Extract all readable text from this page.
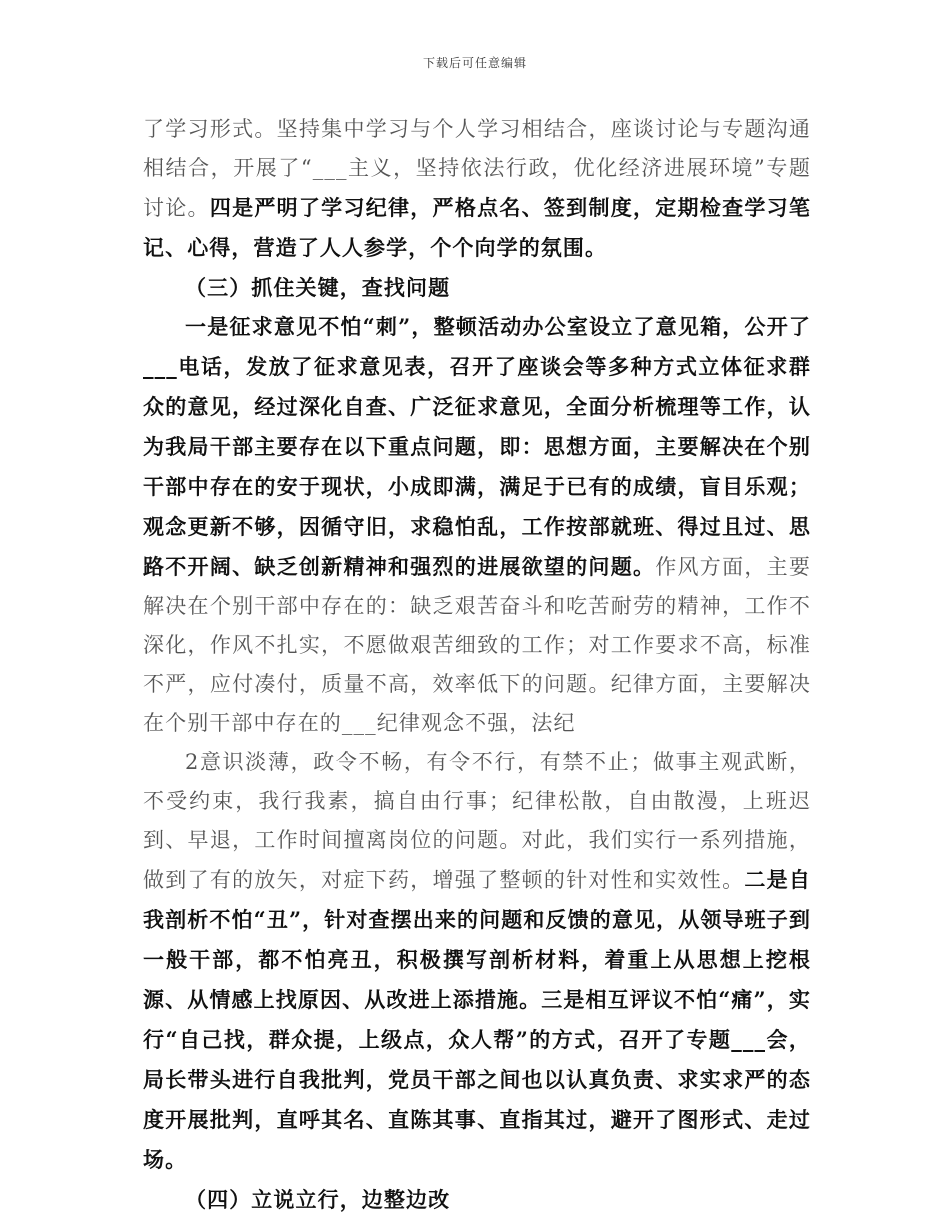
下载后可任意编辑

了学习形式。坚持集中学习与个人学习相结合，座谈讨论与专题沟通相结合，开展了“___主义，坚持依法行政，优化经济进展环境”专题讨论。四是严明了学习纪律，严格点名、签到制度，定期检查学习笔记、心得，营造了人人参学，个个向学的氛围。

（三）抓住关键，查找问题

一是征求意见不怕“刺”，整顿活动办公室设立了意见箱，公开了___电话，发放了征求意见表，召开了座谈会等多种方式立体征求群众的意见，经过深化自查、广泛征求意见，全面分析梳理等工作，认为我局干部主要存在以下重点问题，即：思想方面，主要解决在个别干部中存在的安于现状，小成即满，满足于已有的成绩，盲目乐观；观念更新不够，因循守旧，求稳怕乱，工作按部就班、得过且过、思路不开阔、缺乏创新精神和强烈的进展欲望的问题。作风方面，主要解决在个别干部中存在的：缺乏艰苦奋斗和吃苦耐劳的精神，工作不深化，作风不扎实，不愿做艰苦细致的工作；对工作要求不高，标准不严，应付凑付，质量不高，效率低下的问题。纪律方面，主要解决在个别干部中存在的___纪律观念不强，法纪

2意识淡薄，政令不畅，有令不行，有禁不止；做事主观武断，不受约束，我行我素，搞自由行事；纪律松散，自由散漫，上班迟到、早退，工作时间擅离岗位的问题。对此，我们实行一系列措施，做到了有的放矢，对症下药，增强了整顿的针对性和实效性。二是自我剖析不怕“丑”，针对查摆出来的问题和反馈的意见，从领导班子到一般干部，都不怕亮丑，积极撰写剖析材料，着重上从思想上挖根源、从情感上找原因、从改进上添措施。三是相互评议不怕“痛”，实行“自己找，群众提，上级点，众人帮”的方式，召开了专题___会，局长带头进行自我批判，党员干部之间也以认真负责、求实求严的态度开展批判，直呼其名、直陈其事、直指其过，避开了图形式、走过场。

（四）立说立行，边整边改
